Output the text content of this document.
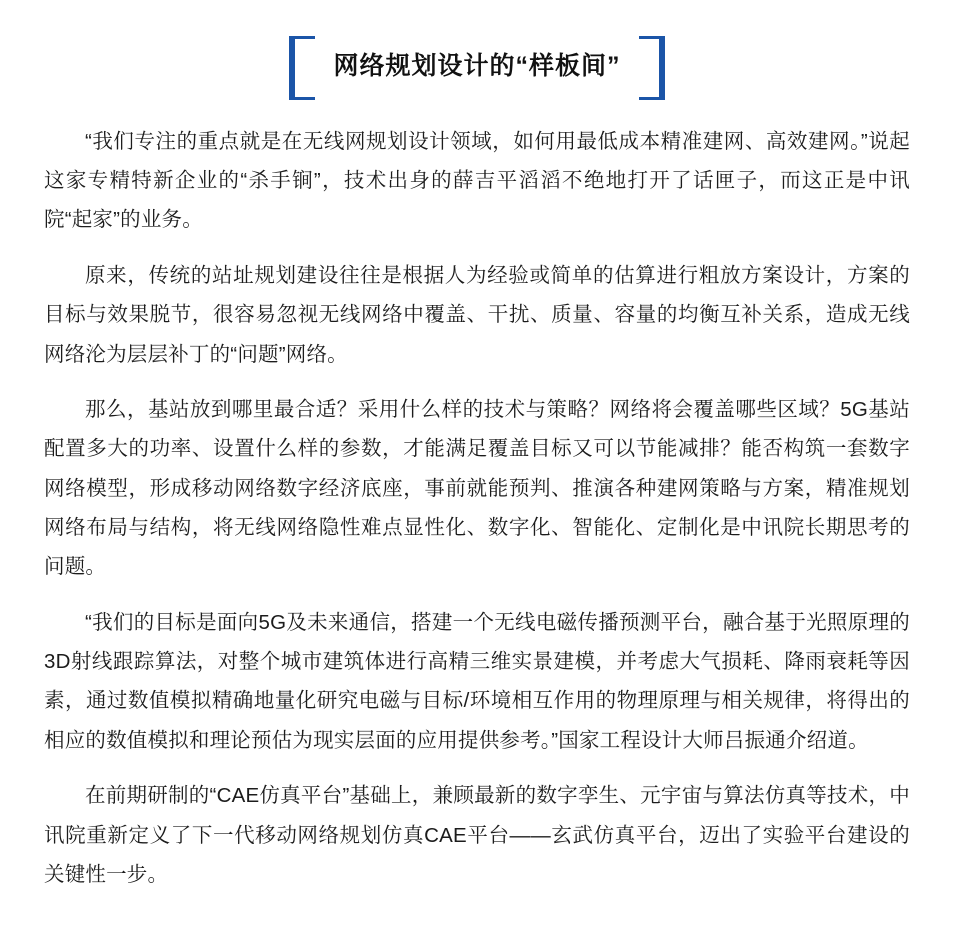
网络规划设计的“样板间”

“我们专注的重点就是在无线网规划设计领域，如何用最低成本精准建网、高效建网。”说起这家专精特新企业的“杀手锏”，技术出身的薛吉平滔滔不绝地打开了话匣子，而这正是中讯院“起家”的业务。

原来，传统的站址规划建设往往是根据人为经验或简单的估算进行粗放方案设计，方案的目标与效果脱节，很容易忽视无线网络中覆盖、干扰、质量、容量的均衡互补关系，造成无线网络沦为层层补丁的“问题”网络。

那么，基站放到哪里最合适？采用什么样的技术与策略？网络将会覆盖哪些区域？5G基站配置多大的功率、设置什么样的参数，才能满足覆盖目标又可以节能减排？能否构筑一套数字网络模型，形成移动网络数字经济底座，事前就能预判、推演各种建网策略与方案，精准规划网络布局与结构，将无线网络隐性难点显性化、数字化、智能化、定制化是中讯院长期思考的问题。

“我们的目标是面向5G及未来通信，搭建一个无线电磁传播预测平台，融合基于光照原理的3D射线跟踪算法，对整个城市建筑体进行高精三维实景建模，并考虑大气损耗、降雨衰耗等因素，通过数值模拟精确地量化研究电磁与目标/环境相互作用的物理原理与相关规律，将得出的相应的数值模拟和理论预估为现实层面的应用提供参考。”国家工程设计大师吕振通介绍道。

在前期研制的“CAE仿真平台”基础上，兼顾最新的数字孪生、元宇宙与算法仿真等技术，中讯院重新定义了下一代移动网络规划仿真CAE平台——玄武仿真平台，迈出了实验平台建设的关键性一步。
